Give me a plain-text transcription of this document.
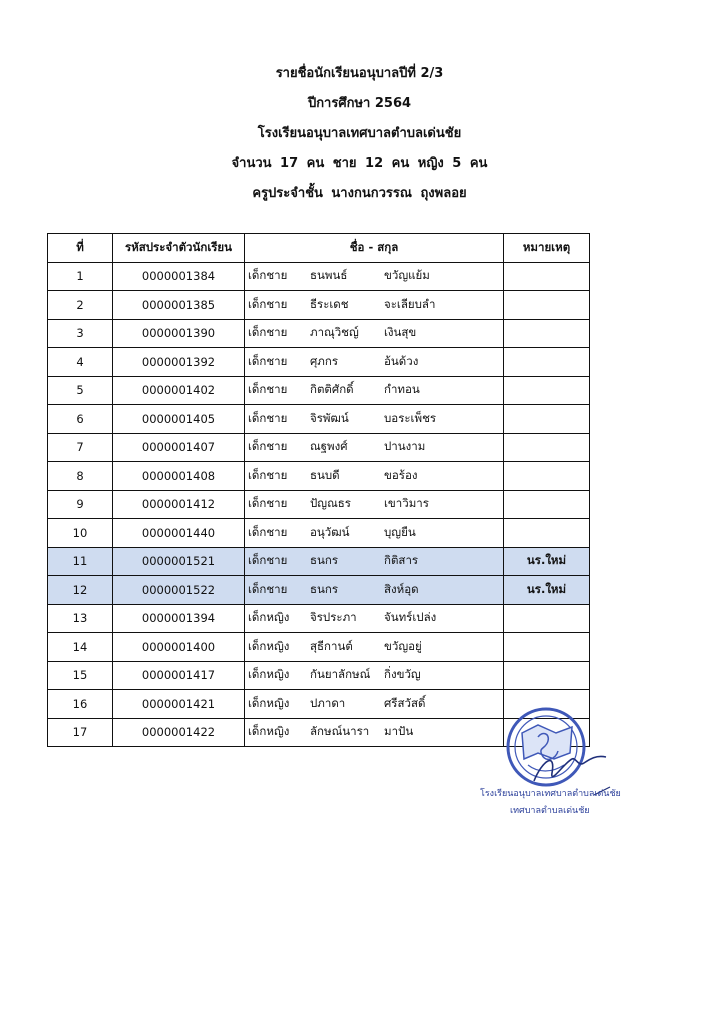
รายชื่อนักเรียนอนุบาลปีที่ 2/3
ปีการศึกษา 2564
โรงเรียนอนุบาลเทศบาลตำบลเด่นชัย
จำนวน 17 คน ชาย 12 คน หญิง 5 คน
ครูประจำชั้น นางกนกวรรณ ถุงพลอย
ที่	รหัสประจำตัวนักเรียน	ชื่อ - สกุล	หมายเหตุ
1	0000001384	เด็กชาย ธนพนธ์ ขวัญแย้ม	
2	0000001385	เด็กชาย ธีระเดช จะเลียบลำ	
3	0000001390	เด็กชาย ภาณุวิชญ์ เงินสุข	
4	0000001392	เด็กชาย ศุภกร อ้นด้วง	
5	0000001402	เด็กชาย กิตติศักดิ์ กำทอน	
6	0000001405	เด็กชาย จิรพัฒน์ บอระเพ็ชร	
7	0000001407	เด็กชาย ณฐพงศ์ ปานงาม	
8	0000001408	เด็กชาย ธนบดี ขอร้อง	
9	0000001412	เด็กชาย ปัญณธร เขาวิมาร	
10	0000001440	เด็กชาย อนุวัฒน์ บุญยืน	
11	0000001521	เด็กชาย ธนกร กิติสาร	นร.ใหม่
12	0000001522	เด็กชาย ธนกร สิงห์อุด	นร.ใหม่
13	0000001394	เด็กหญิง จิรประภา จันทร์เปล่ง	
14	0000001400	เด็กหญิง สุธีกานต์ ขวัญอยู่	
15	0000001417	เด็กหญิง กันยาลักษณ์ กิ่งขวัญ	
16	0000001421	เด็กหญิง ปภาดา ศรีสวัสดิ์	
17	0000001422	เด็กหญิง ลักษณ์นารา มาปัน	
โรงเรียนอนุบาลเทศบาลตำบลเด่นชัย
เทศบาลตำบลเด่นชัย
